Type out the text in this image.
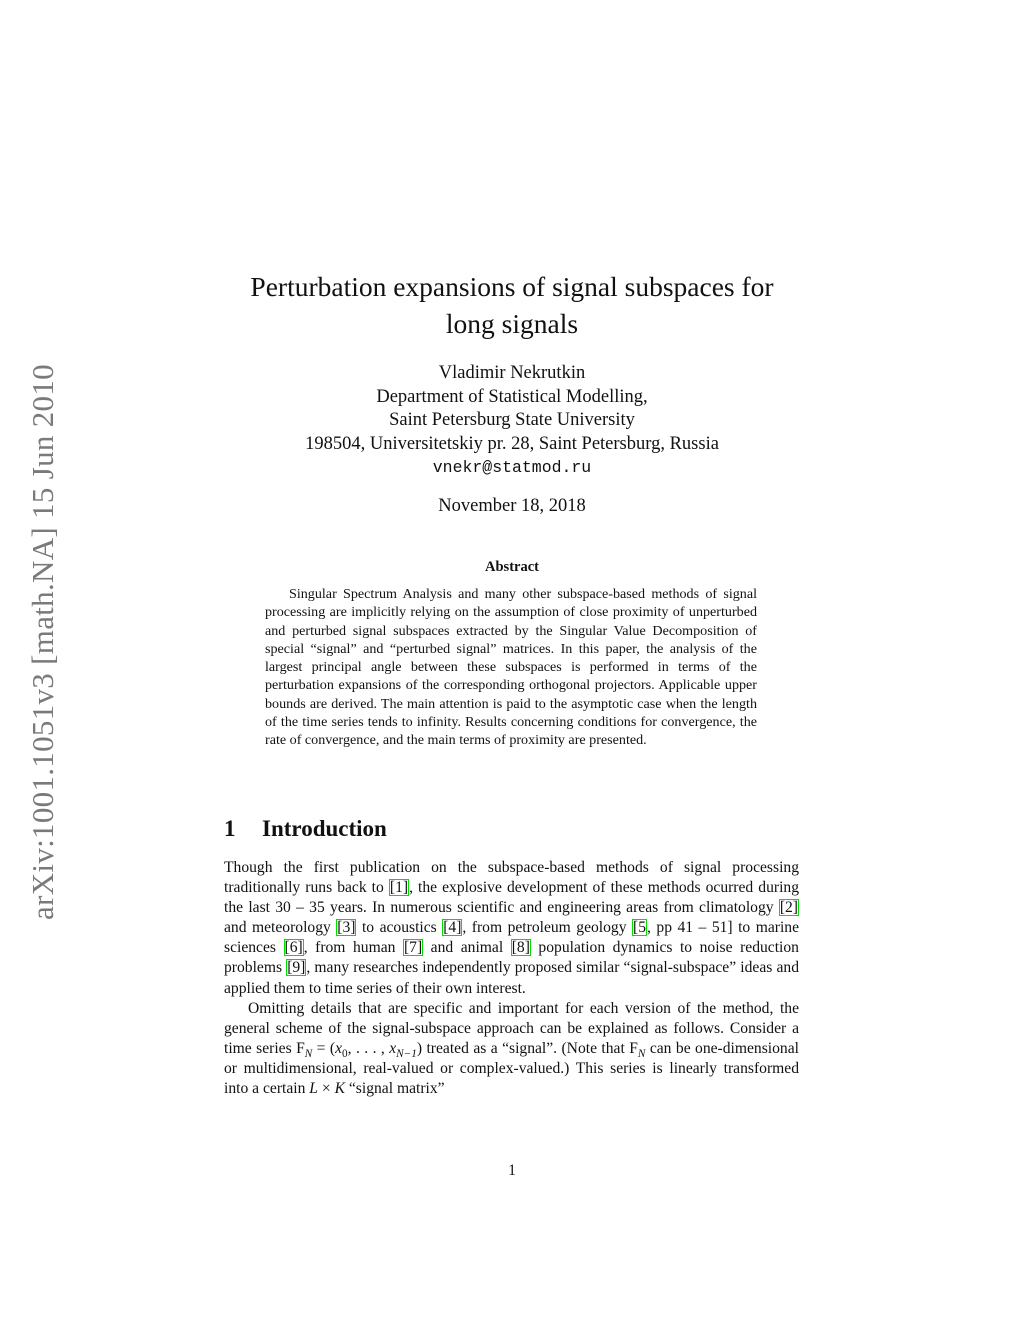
arXiv:1001.1051v3 [math.NA] 15 Jun 2010
Perturbation expansions of signal subspaces for
long signals
Vladimir Nekrutkin
Department of Statistical Modelling,
Saint Petersburg State University
198504, Universitetskiy pr. 28, Saint Petersburg, Russia
vnekr@statmod.ru
November 18, 2018
Abstract
Singular Spectrum Analysis and many other subspace-based methods of signal processing are implicitly relying on the assumption of close proximity of unperturbed and perturbed signal subspaces extracted by the Singular Value Decomposition of special “signal” and “perturbed signal” matrices. In this paper, the analysis of the largest principal angle between these subspaces is performed in terms of the perturbation expansions of the corresponding orthogonal projectors. Applicable upper bounds are derived. The main attention is paid to the asymptotic case when the length of the time series tends to infinity. Results concerning conditions for convergence, the rate of convergence, and the main terms of proximity are presented.
1 Introduction

Though the first publication on the subspace-based methods of signal processing traditionally runs back to [1], the explosive development of these methods ocurred during the last 30 – 35 years. In numerous scientific and engineering areas from climatology [2] and meteorology [3] to acoustics [4], from petroleum geology [5, pp 41 – 51] to marine sciences [6], from human [7] and animal [8] population dynamics to noise reduction problems [9], many researches independently proposed similar “signal-subspace” ideas and applied them to time series of their own interest.

Omitting details that are specific and important for each version of the method, the general scheme of the signal-subspace approach can be explained as follows. Consider a time series $F_N = (x_0$, . . . , $x_{N-1}$) treated as a “signal”. (Note that $F_N$ can be one-dimensional or multidimensional, real-valued or complex-valued.) This series is linearly transformed into a certain L × K “signal matrix”

1
